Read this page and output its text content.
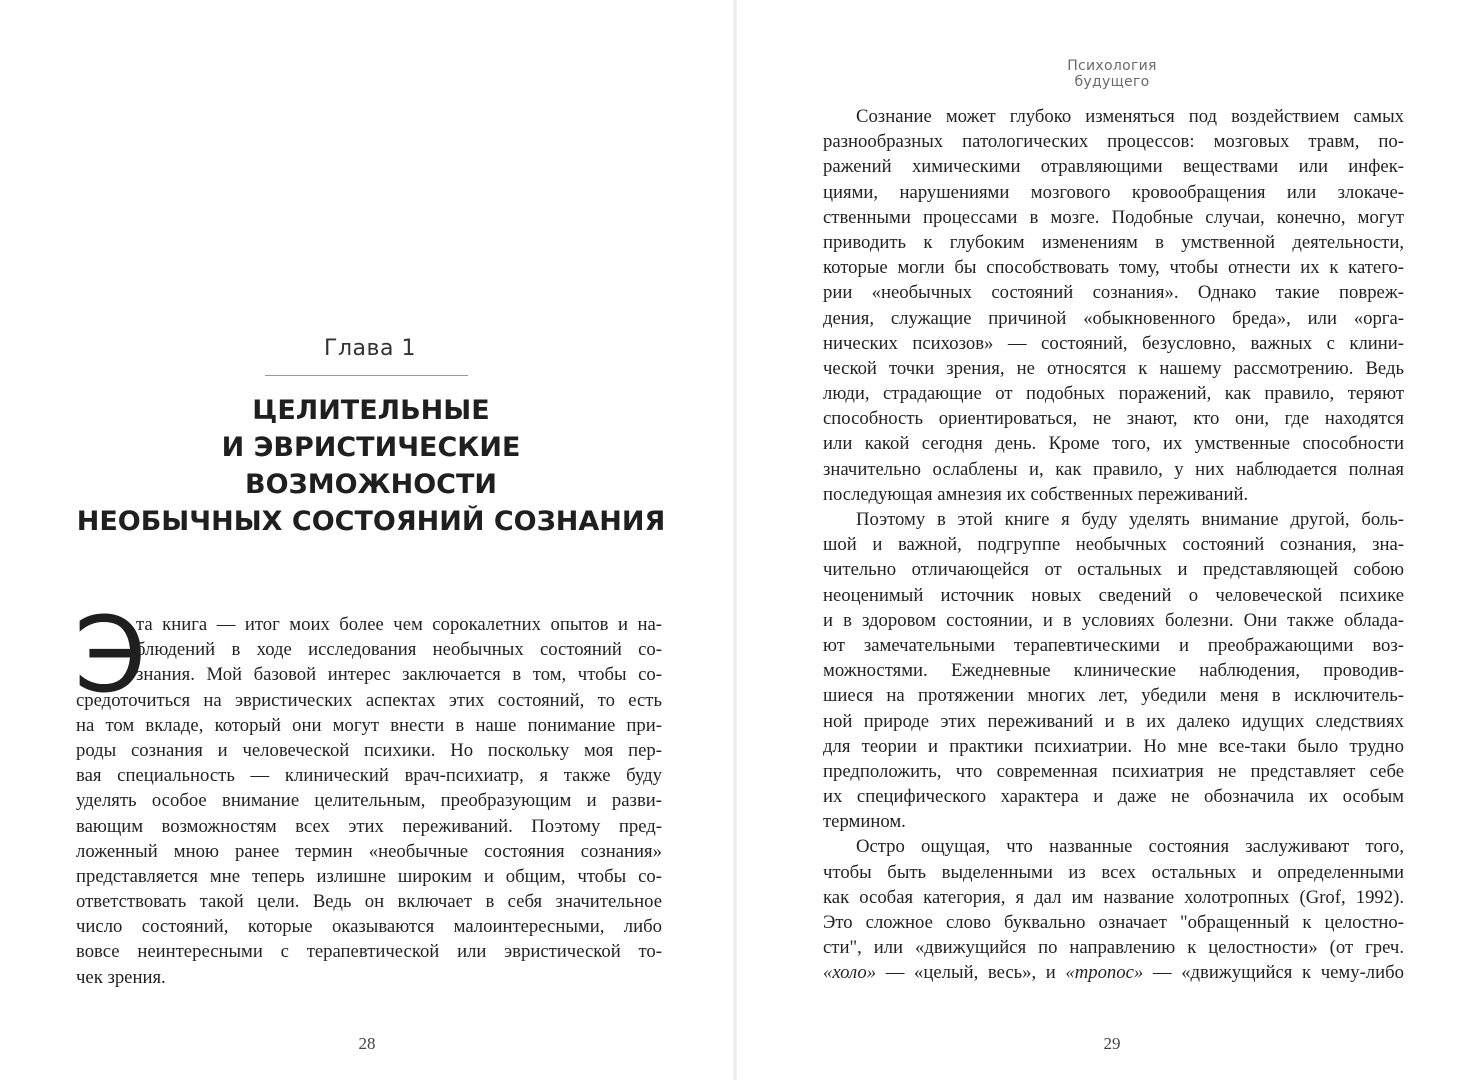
Глава 1
ЦЕЛИТЕЛЬНЫЕ
И ЭВРИСТИЧЕСКИЕ
ВОЗМОЖНОСТИ
НЕОБЫЧНЫХ СОСТОЯНИЙ СОЗНАНИЯ
Э
та книга — итог моих более чем сорокалетних опытов и на-
блюдений в ходе исследования необычных состояний со-
знания. Мой базовой интерес заключается в том, чтобы со-
средоточиться на эвристических аспектах этих состояний, то есть
на том вкладе, который они могут внести в наше понимание при-
роды сознания и человеческой психики. Но поскольку моя пер-
вая специальность — клинический врач-психиатр, я также буду
уделять особое внимание целительным, преобразующим и разви-
вающим возможностям всех этих переживаний. Поэтому пред-
ложенный мною ранее термин «необычные состояния сознания»
представляется мне теперь излишне широким и общим, чтобы со-
ответствовать такой цели. Ведь он включает в себя значительное
число состояний, которые оказываются малоинтересными, либо
вовсе неинтересными с терапевтической или эвристической то-
чек зрения.
28
Психология будущего
Сознание может глубоко изменяться под воздействием самых
разнообразных патологических процессов: мозговых травм, по-
ражений химическими отравляющими веществами или инфек-
циями, нарушениями мозгового кровообращения или злокаче-
ственными процессами в мозге. Подобные случаи, конечно, могут
приводить к глубоким изменениям в умственной деятельности,
которые могли бы способствовать тому, чтобы отнести их к катего-
рии «необычных состояний сознания». Однако такие повреж-
дения, служащие причиной «обыкновенного бреда», или «орга-
нических психозов» — состояний, безусловно, важных с клини-
ческой точки зрения, не относятся к нашему рассмотрению. Ведь
люди, страдающие от подобных поражений, как правило, теряют
способность ориентироваться, не знают, кто они, где находятся
или какой сегодня день. Кроме того, их умственные способности
значительно ослаблены и, как правило, у них наблюдается полная
последующая амнезия их собственных переживаний.
Поэтому в этой книге я буду уделять внимание другой, боль-
шой и важной, подгруппе необычных состояний сознания, зна-
чительно отличающейся от остальных и представляющей собою
неоценимый источник новых сведений о человеческой психике
и в здоровом состоянии, и в условиях болезни. Они также облада-
ют замечательными терапевтическими и преображающими воз-
можностями. Ежедневные клинические наблюдения, проводив-
шиеся на протяжении многих лет, убедили меня в исключитель-
ной природе этих переживаний и в их далеко идущих следствиях
для теории и практики психиатрии. Но мне все-таки было трудно
предположить, что современная психиатрия не представляет себе
их специфического характера и даже не обозначила их особым
термином.
Остро ощущая, что названные состояния заслуживают того,
чтобы быть выделенными из всех остальных и определенными
как особая категория, я дал им название холотропных (Grof, 1992).
Это сложное слово буквально означает "обращенный к целостно-
сти", или «движущийся по направлению к целостности» (от греч.
«холо» — «целый, весь», и «тропос» — «движущийся к чему-либо
29
